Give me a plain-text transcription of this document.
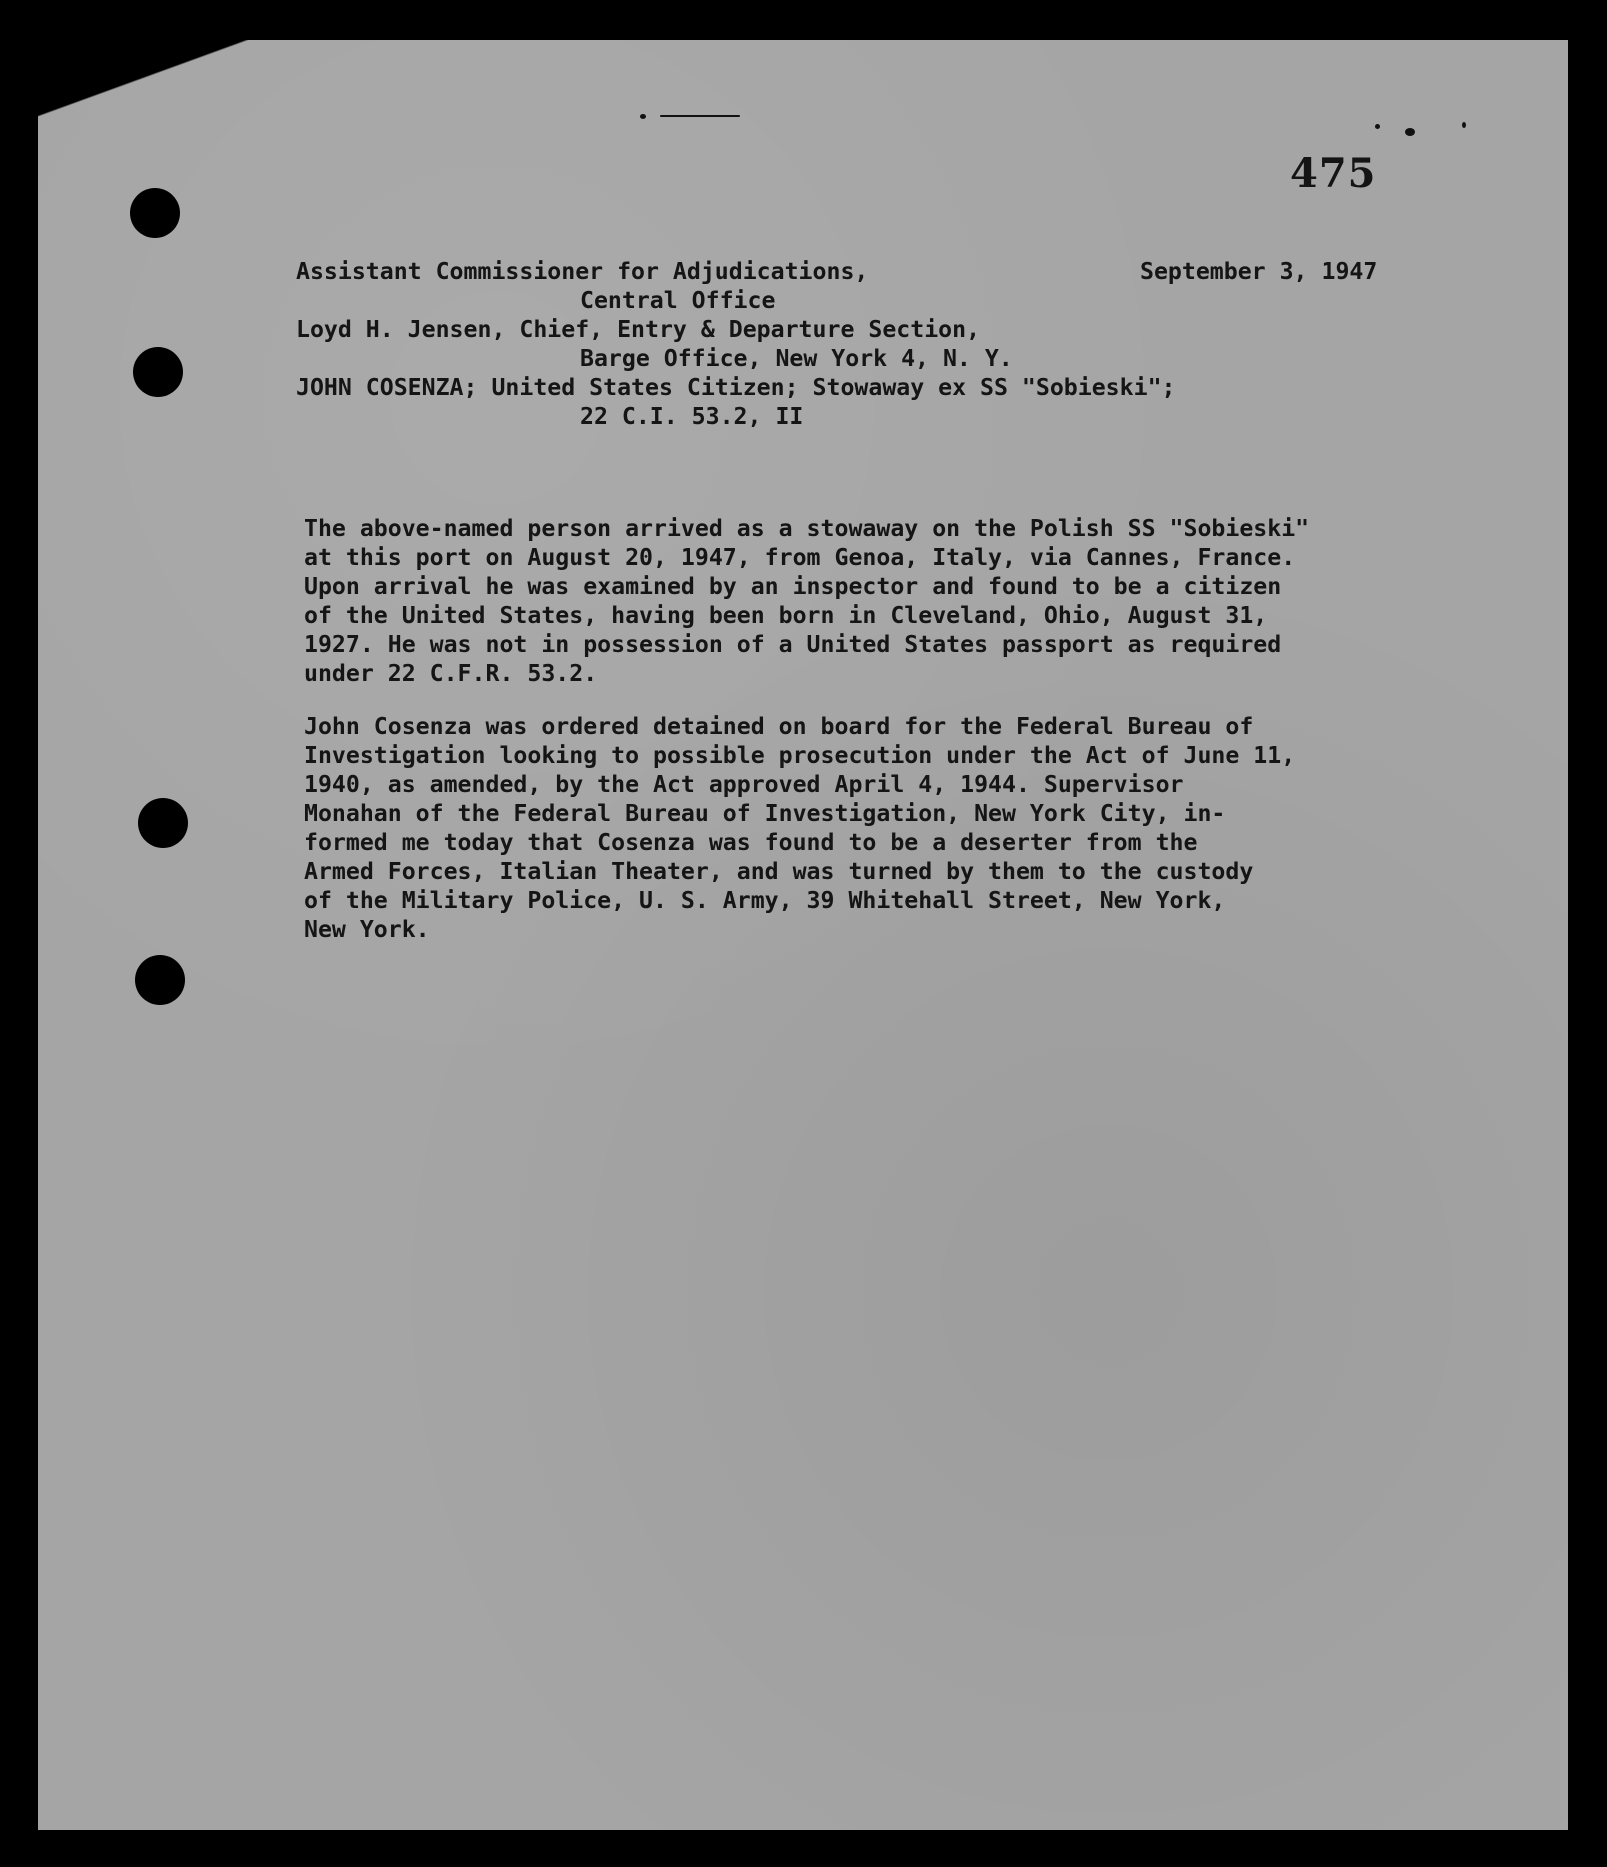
475
September 3, 1947
Assistant Commissioner for Adjudications,
Central Office
Loyd H. Jensen, Chief, Entry & Departure Section,
Barge Office, New York 4, N. Y.
JOHN COSENZA; United States Citizen; Stowaway ex SS "Sobieski";
22 C.I. 53.2, II
The above-named person arrived as a stowaway on the Polish SS "Sobieski"
at this port on August 20, 1947, from Genoa, Italy, via Cannes, France.
Upon arrival he was examined by an inspector and found to be a citizen
of the United States, having been born in Cleveland, Ohio, August 31,
1927. He was not in possession of a United States passport as required
under 22 C.F.R. 53.2.
John Cosenza was ordered detained on board for the Federal Bureau of
Investigation looking to possible prosecution under the Act of June 11,
1940, as amended, by the Act approved April 4, 1944. Supervisor
Monahan of the Federal Bureau of Investigation, New York City, in-
formed me today that Cosenza was found to be a deserter from the
Armed Forces, Italian Theater, and was turned by them to the custody
of the Military Police, U. S. Army, 39 Whitehall Street, New York,
New York.
